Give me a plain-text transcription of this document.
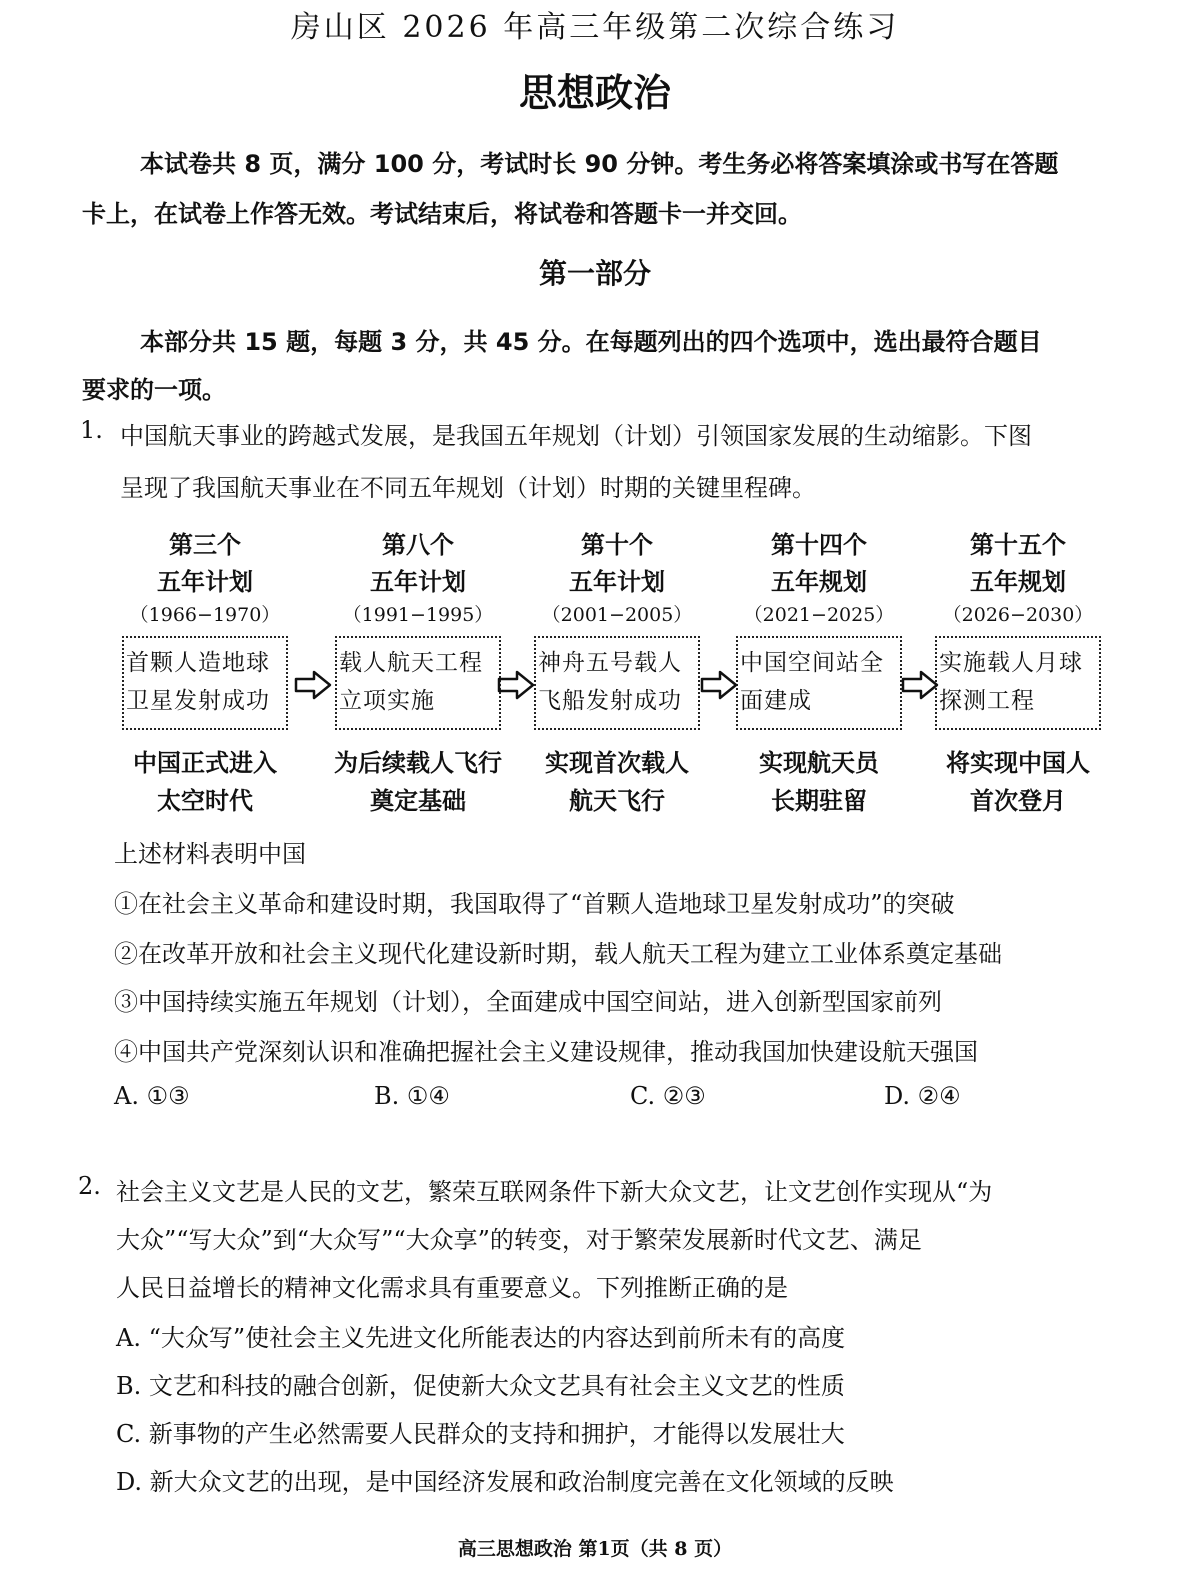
房山区 2026 年高三年级第二次综合练习
思想政治
本试卷共 8 页，满分 100 分，考试时长 90 分钟。考生务必将答案填涂或书写在答题
卡上，在试卷上作答无效。考试结束后，将试卷和答题卡一并交回。
第一部分
本部分共 15 题，每题 3 分，共 45 分。在每题列出的四个选项中，选出最符合题目
要求的一项。
1. 中国航天事业的跨越式发展，是我国五年规划（计划）引领国家发展的生动缩影。下图
呈现了我国航天事业在不同五年规划（计划）时期的关键里程碑。
第三个
五年计划
（1966−1970）
首颗人造地球卫星发射成功
中国正式进入
太空时代
第八个
五年计划
（1991−1995）
载人航天工程立项实施
为后续载人飞行
奠定基础
第十个
五年计划
（2001−2005）
神舟五号载人飞船发射成功
实现首次载人
航天飞行
第十四个
五年规划
（2021−2025）
中国空间站全面建成
实现航天员
长期驻留
第十五个
五年规划
（2026−2030）
实施载人月球探测工程
将实现中国人
首次登月
上述材料表明中国
①在社会主义革命和建设时期，我国取得了“首颗人造地球卫星发射成功”的突破
②在改革开放和社会主义现代化建设新时期，载人航天工程为建立工业体系奠定基础
③中国持续实施五年规划（计划），全面建成中国空间站，进入创新型国家前列
④中国共产党深刻认识和准确把握社会主义建设规律，推动我国加快建设航天强国
A. ①③	B. ①④	C. ②③	D. ②④
2. 社会主义文艺是人民的文艺，繁荣互联网条件下新大众文艺，让文艺创作实现从“为
大众”“写大众”到“大众写”“大众享”的转变，对于繁荣发展新时代文艺、满足
人民日益增长的精神文化需求具有重要意义。下列推断正确的是
A. “大众写”使社会主义先进文化所能表达的内容达到前所未有的高度
B. 文艺和科技的融合创新，促使新大众文艺具有社会主义文艺的性质
C. 新事物的产生必然需要人民群众的支持和拥护，才能得以发展壮大
D. 新大众文艺的出现，是中国经济发展和政治制度完善在文化领域的反映
高三思想政治 第1页（共 8 页）
